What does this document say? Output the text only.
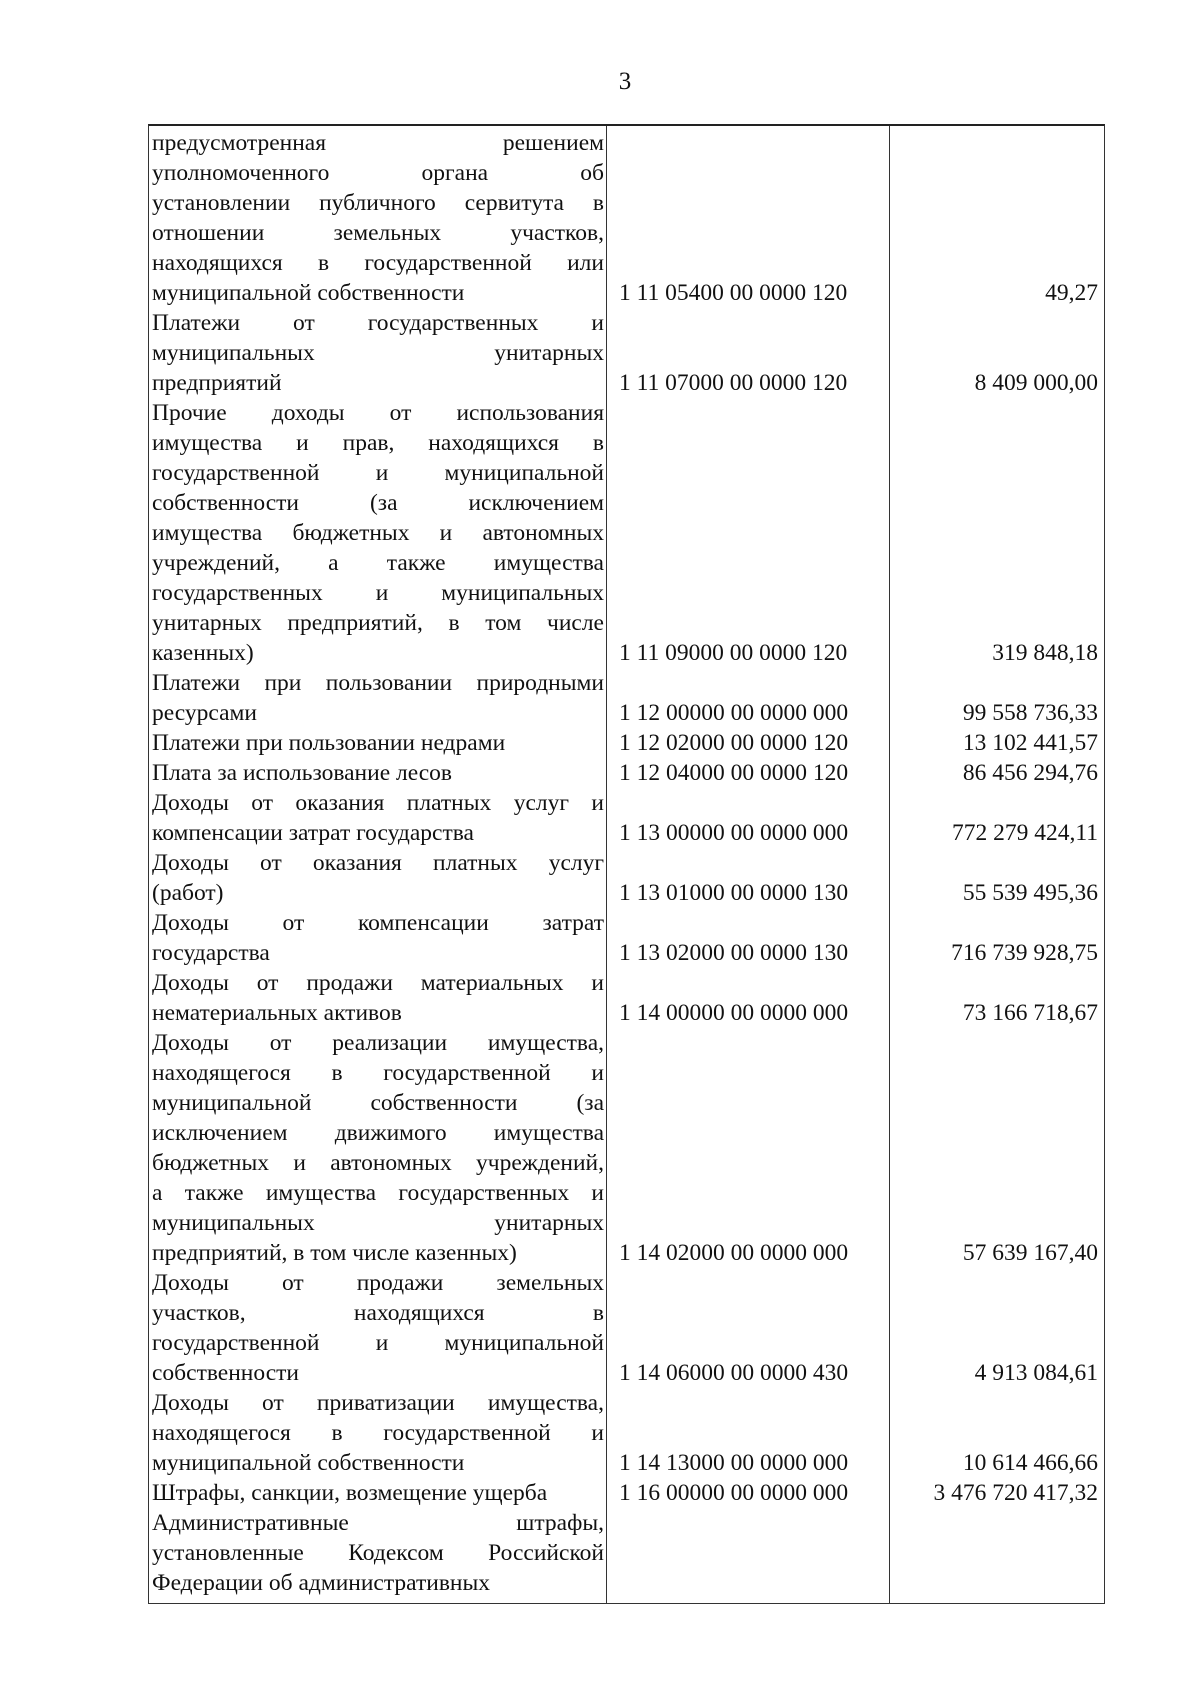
3
предусмотренная решением
уполномоченного органа об
установлении публичного сервитута в
отношении земельных участков,
находящихся в государственной или
муниципальной собственности	1 11 05400 00 0000 120	49,27
Платежи от государственных и
муниципальных унитарных
предприятий	1 11 07000 00 0000 120	8 409 000,00
Прочие доходы от использования
имущества и прав, находящихся в
государственной и муниципальной
собственности (за исключением
имущества бюджетных и автономных
учреждений, а также имущества
государственных и муниципальных
унитарных предприятий, в том числе
казенных)	1 11 09000 00 0000 120	319 848,18
Платежи при пользовании природными
ресурсами	1 12 00000 00 0000 000	99 558 736,33
Платежи при пользовании недрами	1 12 02000 00 0000 120	13 102 441,57
Плата за использование лесов	1 12 04000 00 0000 120	86 456 294,76
Доходы от оказания платных услуг и
компенсации затрат государства	1 13 00000 00 0000 000	772 279 424,11
Доходы от оказания платных услуг
(работ)	1 13 01000 00 0000 130	55 539 495,36
Доходы от компенсации затрат
государства	1 13 02000 00 0000 130	716 739 928,75
Доходы от продажи материальных и
нематериальных активов	1 14 00000 00 0000 000	73 166 718,67
Доходы от реализации имущества,
находящегося в государственной и
муниципальной собственности (за
исключением движимого имущества
бюджетных и автономных учреждений,
а также имущества государственных и
муниципальных унитарных
предприятий, в том числе казенных)	1 14 02000 00 0000 000	57 639 167,40
Доходы от продажи земельных
участков, находящихся в
государственной и муниципальной
собственности	1 14 06000 00 0000 430	4 913 084,61
Доходы от приватизации имущества,
находящегося в государственной и
муниципальной собственности	1 14 13000 00 0000 000	10 614 466,66
Штрафы, санкции, возмещение ущерба	1 16 00000 00 0000 000	3 476 720 417,32
Административные штрафы,
установленные Кодексом Российской
Федерации об административных
